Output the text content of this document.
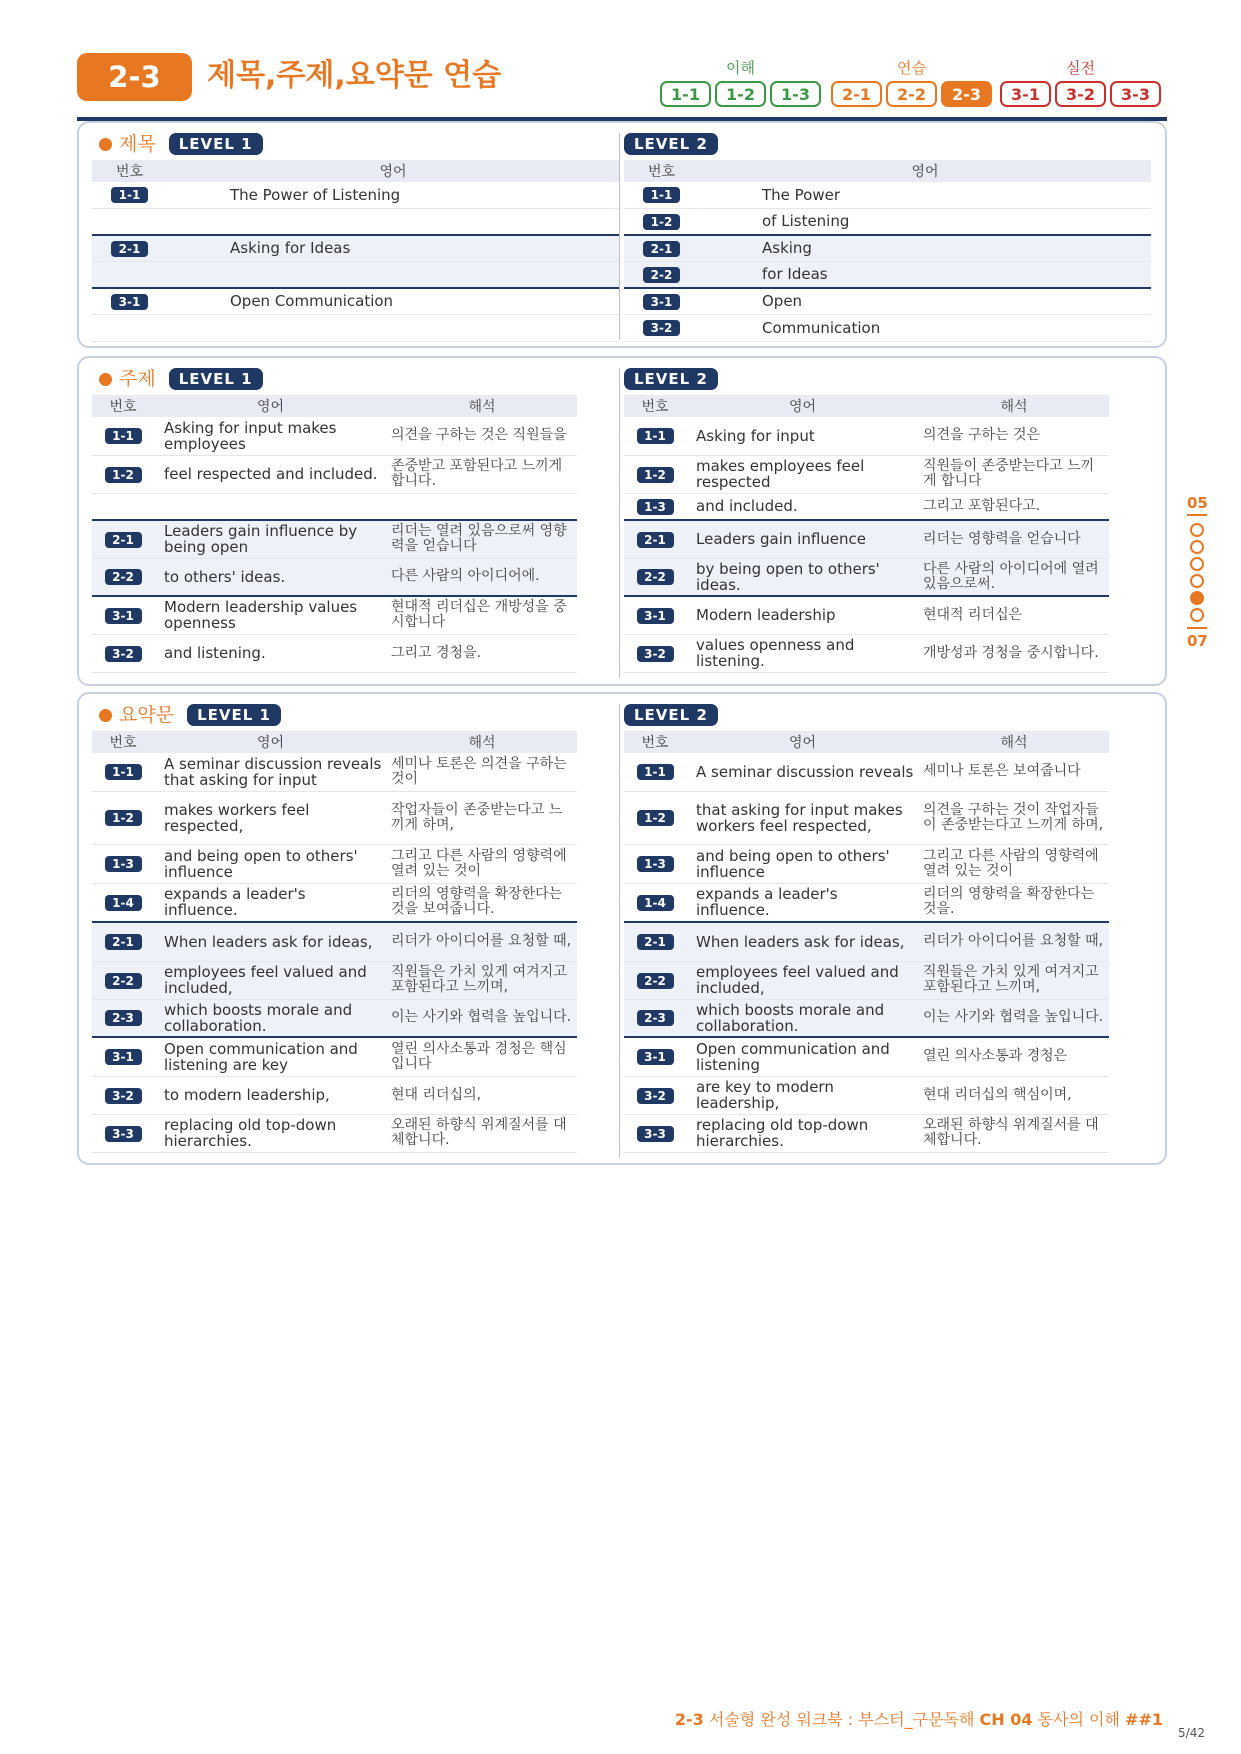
2-3	제목,주제,요약문 연습	이해
1-1	1-2	1-3
연습
2-1	2-2	2-3
실전
3-1	3-2	3-3
제목	LEVEL 1
번호	영어
1-1	The Power of Listening

2-1	Asking for Ideas

3-1	Open Communication

LEVEL 2
번호	영어
1-1	The Power
1-2	of Listening
2-1	Asking
2-2	for Ideas
3-1	Open
3-2	Communication
주제	LEVEL 1
번호	영어	해석
1-1	Asking for input makes employees	의견을 구하는 것은 직원들을
1-2	feel respected and included.	존중받고 포함된다고 느끼게 합니다.

2-1	Leaders gain influence by being open	리더는 열려 있음으로써 영향력을 얻습니다
2-2	to others' ideas.	다른 사람의 아이디어에.
3-1	Modern leadership values openness	현대적 리더십은 개방성을 중시합니다
3-2	and listening.	그리고 경청을.
LEVEL 2
번호	영어	해석
1-1	Asking for input	의견을 구하는 것은
1-2	makes employees feel respected	직원들이 존중받는다고 느끼게 합니다
1-3	and included.	그리고 포함된다고.
2-1	Leaders gain influence	리더는 영향력을 얻습니다
2-2	by being open to others' ideas.	다른 사람의 아이디어에 열려 있음으로써.
3-1	Modern leadership	현대적 리더십은
3-2	values openness and listening.	개방성과 경청을 중시합니다.
요약문	LEVEL 1
번호	영어	해석
1-1	A seminar discussion reveals that asking for input	세미나 토론은 의견을 구하는 것이
1-2	makes workers feel respected,	작업자들이 존중받는다고 느끼게 하며,
1-3	and being open to others' influence	그리고 다른 사람의 영향력에 열려 있는 것이
1-4	expands a leader's influence.	리더의 영향력을 확장한다는 것을 보여줍니다.
2-1	When leaders ask for ideas,	리더가 아이디어를 요청할 때,
2-2	employees feel valued and included,	직원들은 가치 있게 여겨지고 포함된다고 느끼며,
2-3	which boosts morale and collaboration.	이는 사기와 협력을 높입니다.
3-1	Open communication and listening are key	열린 의사소통과 경청은 핵심입니다
3-2	to modern leadership,	현대 리더십의,
3-3	replacing old top-down hierarchies.	오래된 하향식 위계질서를 대체합니다.
LEVEL 2
번호	영어	해석
1-1	A seminar discussion reveals	세미나 토론은 보여줍니다
1-2	that asking for input makes workers feel respected,	의견을 구하는 것이 작업자들이 존중받는다고 느끼게 하며,
1-3	and being open to others' influence	그리고 다른 사람의 영향력에 열려 있는 것이
1-4	expands a leader's influence.	리더의 영향력을 확장한다는 것을.
2-1	When leaders ask for ideas,	리더가 아이디어를 요청할 때,
2-2	employees feel valued and included,	직원들은 가치 있게 여겨지고 포함된다고 느끼며,
2-3	which boosts morale and collaboration.	이는 사기와 협력을 높입니다.
3-1	Open communication and listening	열린 의사소통과 경청은
3-2	are key to modern leadership,	현대 리더십의 핵심이며,
3-3	replacing old top-down hierarchies.	오래된 하향식 위계질서를 대체합니다.
05
07
2-3 서술형 완성 워크북 : 부스터_구문독해 CH 04 동사의 이해 ##1
5/42
